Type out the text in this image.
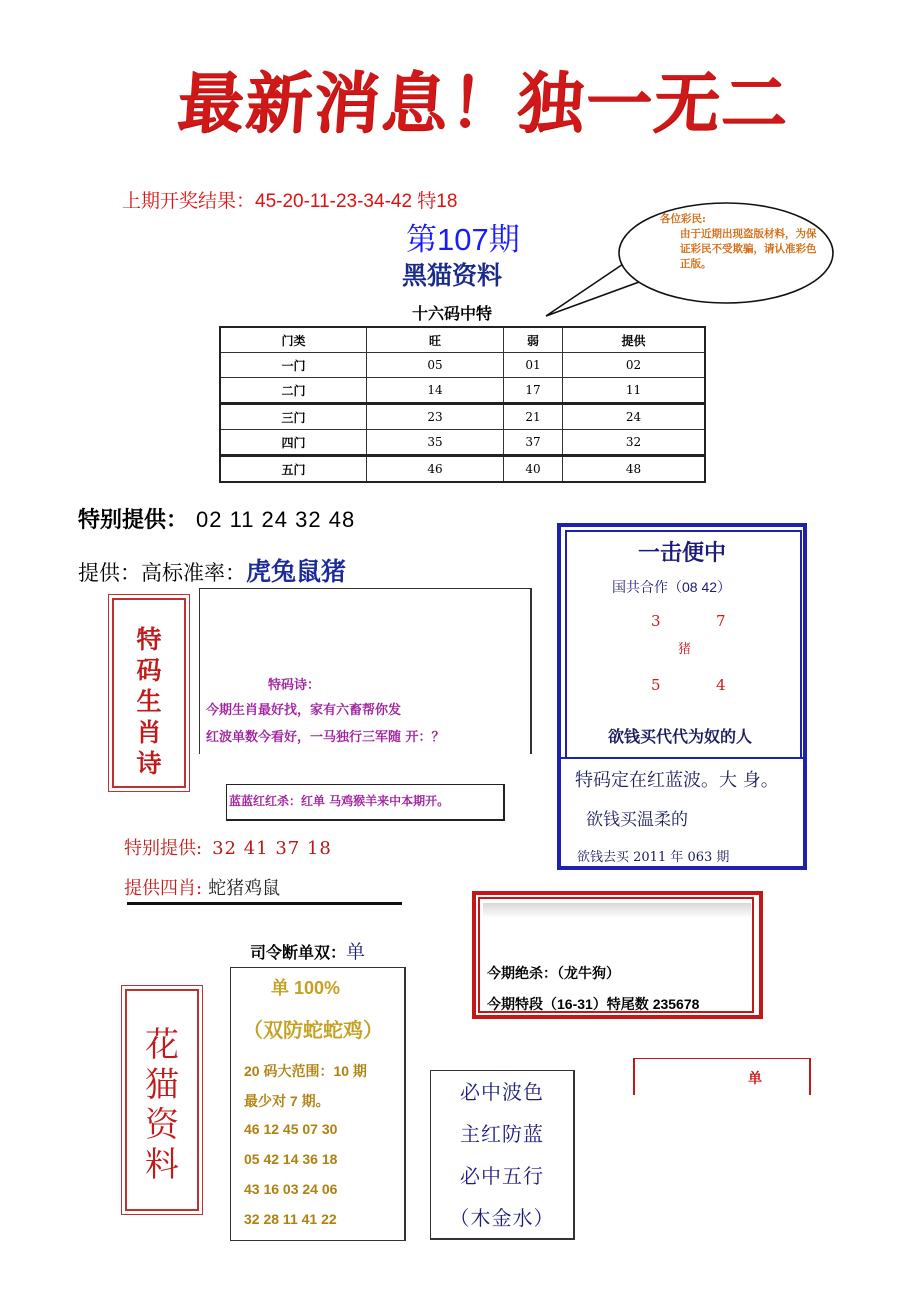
最新消息！独一无二
上期开奖结果：45-20-11-23-34-42 特18
第107期
黑猫资料
十六码中特
各位彩民:
由于近期出现盗版材料，为保证彩民不受欺骗，请认准彩色正版。
门类	旺	弱	提供
一门	05	01	02
二门	14	17	11
三门	23	21	24
四门	35	37	32
五门	46	40	48
特别提供： 02 11 24 32 48
提供：高标准率：虎兔鼠猪
特
码
生
肖
诗
特码诗：
今期生肖最好找，家有六畜帮你发
红波单数今看好，一马独行三军随 开：？
蓝蓝红红杀：红单 马鸡猴羊来中本期开。
特别提供: 32 41 37 18
提供四肖: 蛇猪鸡鼠
一击便中
国共合作（08 42）
3	7
猪
5	4
欲钱买代代为奴的人
特码定在红蓝波。大 身。
欲钱买温柔的
欲钱去买 2011 年 063 期
今期绝杀：（龙牛狗）
今期特段（16-31）特尾数 235678
司令断单双：单
花
猫
资
料
单 100%
（双防蛇蛇鸡）
20 码大范围：10 期
最少对 7 期。
46 12 45 07 30
05 42 14 36 18
43 16 03 24 06
32 28 11 41 22
必中波色
主红防蓝
必中五行
（木金水）
单
